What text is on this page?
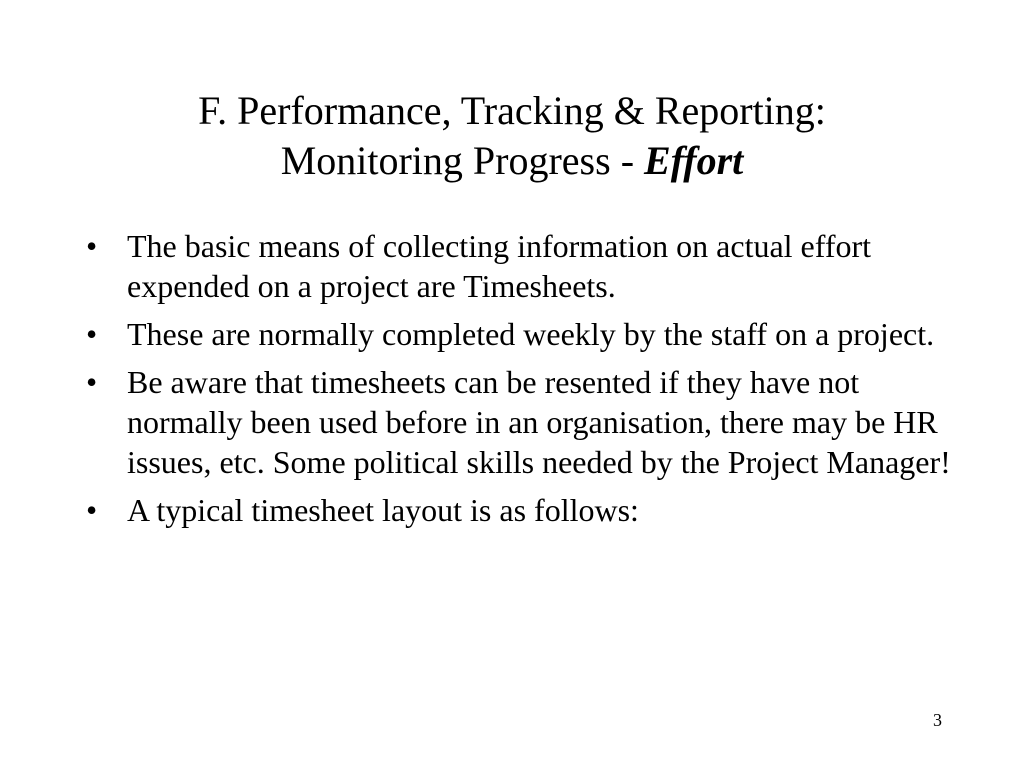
F. Performance, Tracking & Reporting:
Monitoring Progress - Effort
• The basic means of collecting information on actual effort expended on a project are Timesheets.
• These are normally completed weekly by the staff on a project.
• Be aware that timesheets can be resented if they have not normally been used before in an organisation, there may be HR issues, etc. Some political skills needed by the Project Manager!
• A typical timesheet layout is as follows:
3
